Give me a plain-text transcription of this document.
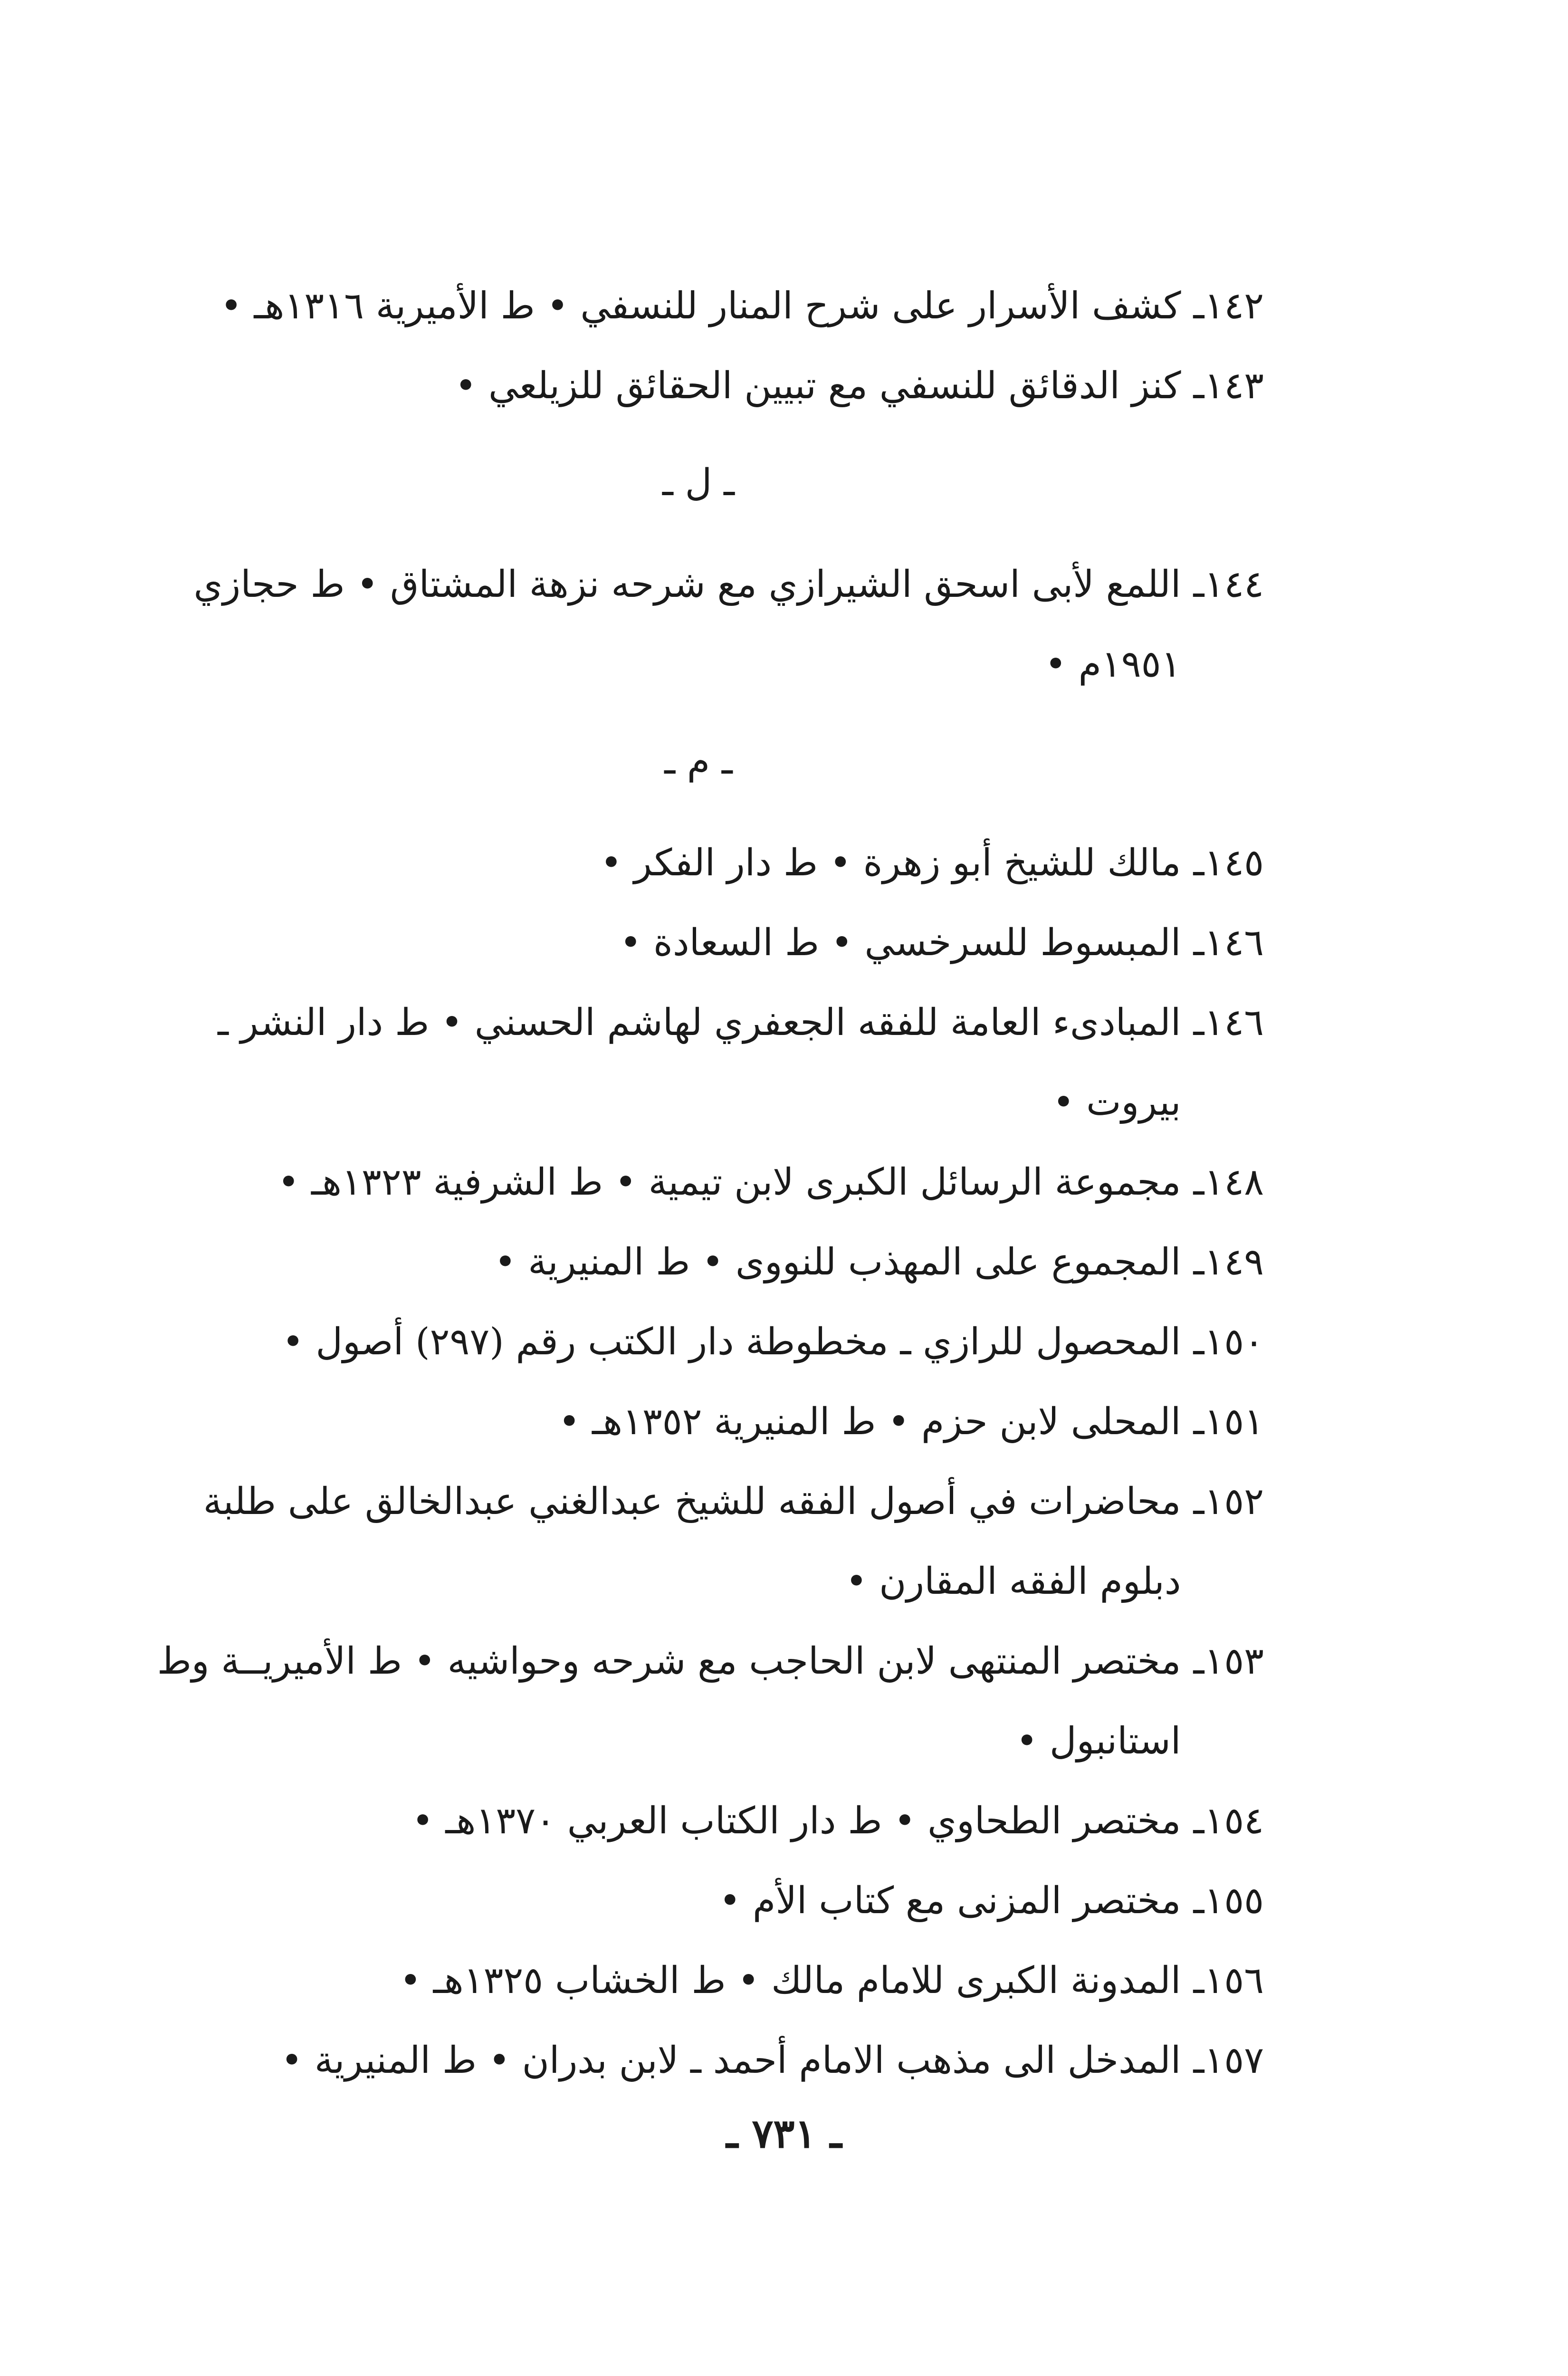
١٤٢ـ
كشف الأسرار على شرح المنار للنسفي • ط الأميرية ١٣١٦هـ •
١٤٣ـ
كنز الدقائق للنسفي مع تبيين الحقائق للزيلعي •
ـ ل ـ
١٤٤ـ
اللمع لأبى اسحق الشيرازي مع شرحه نزهة المشتاق • ط حجازي ١٩٥١م •
ـ م ـ
١٤٥ـ
مالك للشيخ أبو زهرة • ط دار الفكر •
١٤٦ـ
المبسوط للسرخسي • ط السعادة •
١٤٦ـ
المبادىء العامة للفقه الجعفري لهاشم الحسني • ط دار النشر ـ بيروت •
١٤٨ـ
مجموعة الرسائل الكبرى لابن تيمية • ط الشرفية ١٣٢٣هـ •
١٤٩ـ
المجموع على المهذب للنووى • ط المنيرية •
١٥٠ـ
المحصول للرازي ـ مخطوطة دار الكتب رقم (٢٩٧) أصول •
١٥١ـ
المحلى لابن حزم • ط المنيرية ١٣٥٢هـ •
١٥٢ـ
محاضرات في أصول الفقه للشيخ عبدالغني عبدالخالق على طلبة دبلوم الفقه المقارن •
١٥٣ـ
مختصر المنتهى لابن الحاجب مع شرحه وحواشيه • ط الأميريــة وط استانبول •
١٥٤ـ
مختصر الطحاوي • ط دار الكتاب العربي ١٣٧٠هـ •
١٥٥ـ
مختصر المزنى مع كتاب الأم •
١٥٦ـ
المدونة الكبرى للامام مالك • ط الخشاب ١٣٢٥هـ •
١٥٧ـ
المدخل الى مذهب الامام أحمد ـ لابن بدران • ط المنيرية •
ـ ٧٣١ ـ
